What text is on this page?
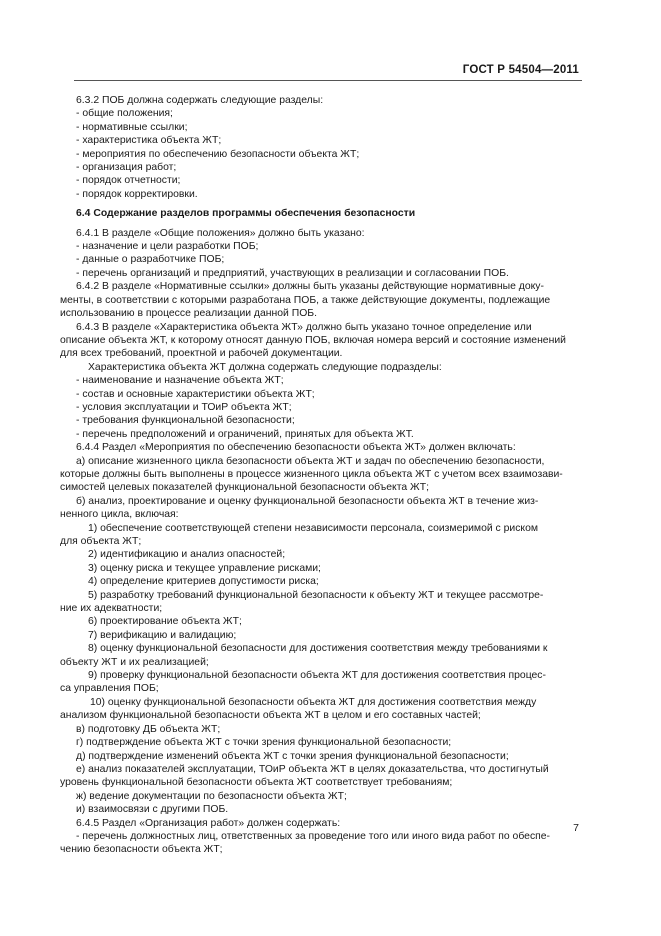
ГОСТ Р 54504—2011
6.3.2 ПОБ должна содержать следующие разделы:
- общие положения;
- нормативные ссылки;
- характеристика объекта ЖТ;
- мероприятия по обеспечению безопасности объекта ЖТ;
- организация работ;
- порядок отчетности;
- порядок корректировки.
6.4 Содержание разделов программы обеспечения безопасности
6.4.1 В разделе «Общие положения» должно быть указано:
- назначение и цели разработки ПОБ;
- данные о разработчике ПОБ;
- перечень организаций и предприятий, участвующих в реализации и согласовании ПОБ.
6.4.2 В разделе «Нормативные ссылки» должны быть указаны действующие нормативные доку-
менты, в соответствии с которыми разработана ПОБ, а также действующие документы, подлежащие
использованию в процессе реализации данной ПОБ.
6.4.3 В разделе «Характеристика объекта ЖТ» должно быть указано точное определение или
описание объекта ЖТ, к которому относят данную ПОБ, включая номера версий и состояние изменений
для всех требований, проектной и рабочей документации.
Характеристика объекта ЖТ должна содержать следующие подразделы:
- наименование и назначение объекта ЖТ;
- состав и основные характеристики объекта ЖТ;
- условия эксплуатации и ТОиР объекта ЖТ;
- требования функциональной безопасности;
- перечень предположений и ограничений, принятых для объекта ЖТ.
6.4.4 Раздел «Мероприятия по обеспечению безопасности объекта ЖТ» должен включать:
а) описание жизненного цикла безопасности объекта ЖТ и задач по обеспечению безопасности,
которые должны быть выполнены в процессе жизненного цикла объекта ЖТ с учетом всех взаимозави-
симостей целевых показателей функциональной безопасности объекта ЖТ;
б) анализ, проектирование и оценку функциональной безопасности объекта ЖТ в течение жиз-
ненного цикла, включая:
1) обеспечение соответствующей степени независимости персонала, соизмеримой с риском
для объекта ЖТ;
2) идентификацию и анализ опасностей;
3) оценку риска и текущее управление рисками;
4) определение критериев допустимости риска;
5) разработку требований функциональной безопасности к объекту ЖТ и текущее рассмотре-
ние их адекватности;
6) проектирование объекта ЖТ;
7) верификацию и валидацию;
8) оценку функциональной безопасности для достижения соответствия между требованиями к
объекту ЖТ и их реализацией;
9) проверку функциональной безопасности объекта ЖТ для достижения соответствия процес-
са управления ПОБ;
10) оценку функциональной безопасности объекта ЖТ для достижения соответствия между
анализом функциональной безопасности объекта ЖТ в целом и его составных частей;
в) подготовку ДБ объекта ЖТ;
г) подтверждение объекта ЖТ с точки зрения функциональной безопасности;
д) подтверждение изменений объекта ЖТ с точки зрения функциональной безопасности;
е) анализ показателей эксплуатации, ТОиР объекта ЖТ в целях доказательства, что достигнутый
уровень функциональной безопасности объекта ЖТ соответствует требованиям;
ж) ведение документации по безопасности объекта ЖТ;
и) взаимосвязи с другими ПОБ.
6.4.5 Раздел «Организация работ» должен содержать:
- перечень должностных лиц, ответственных за проведение того или иного вида работ по обеспе-
чению безопасности объекта ЖТ;
7
